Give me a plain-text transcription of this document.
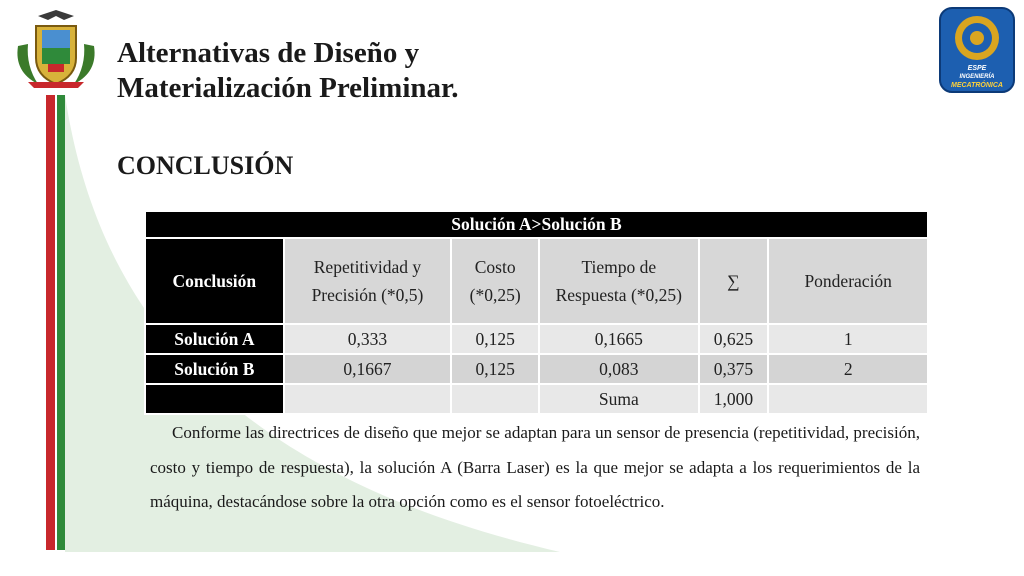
ESPE
INGENIERÍA
MECATRÓNICA
Alternativas de Diseño y
Materialización Preliminar.
CONCLUSIÓN
Solución A>Solución B					
Conclusión	Repetitividad y Precisión (*0,5)	Costo (*0,25)	Tiempo de Respuesta (*0,25)	∑	Ponderación
Solución A	0,333	0,125	0,1665	0,625	1
Solución B	0,1667	0,125	0,083	0,375	2
			Suma	1,000	

Conforme las directrices de diseño que mejor se adaptan para un sensor de presencia (repetitividad, precisión, costo y tiempo de respuesta), la solución A (Barra Laser) es la que mejor se adapta a los requerimientos de la máquina, destacándose sobre la otra opción como es el sensor fotoeléctrico.
